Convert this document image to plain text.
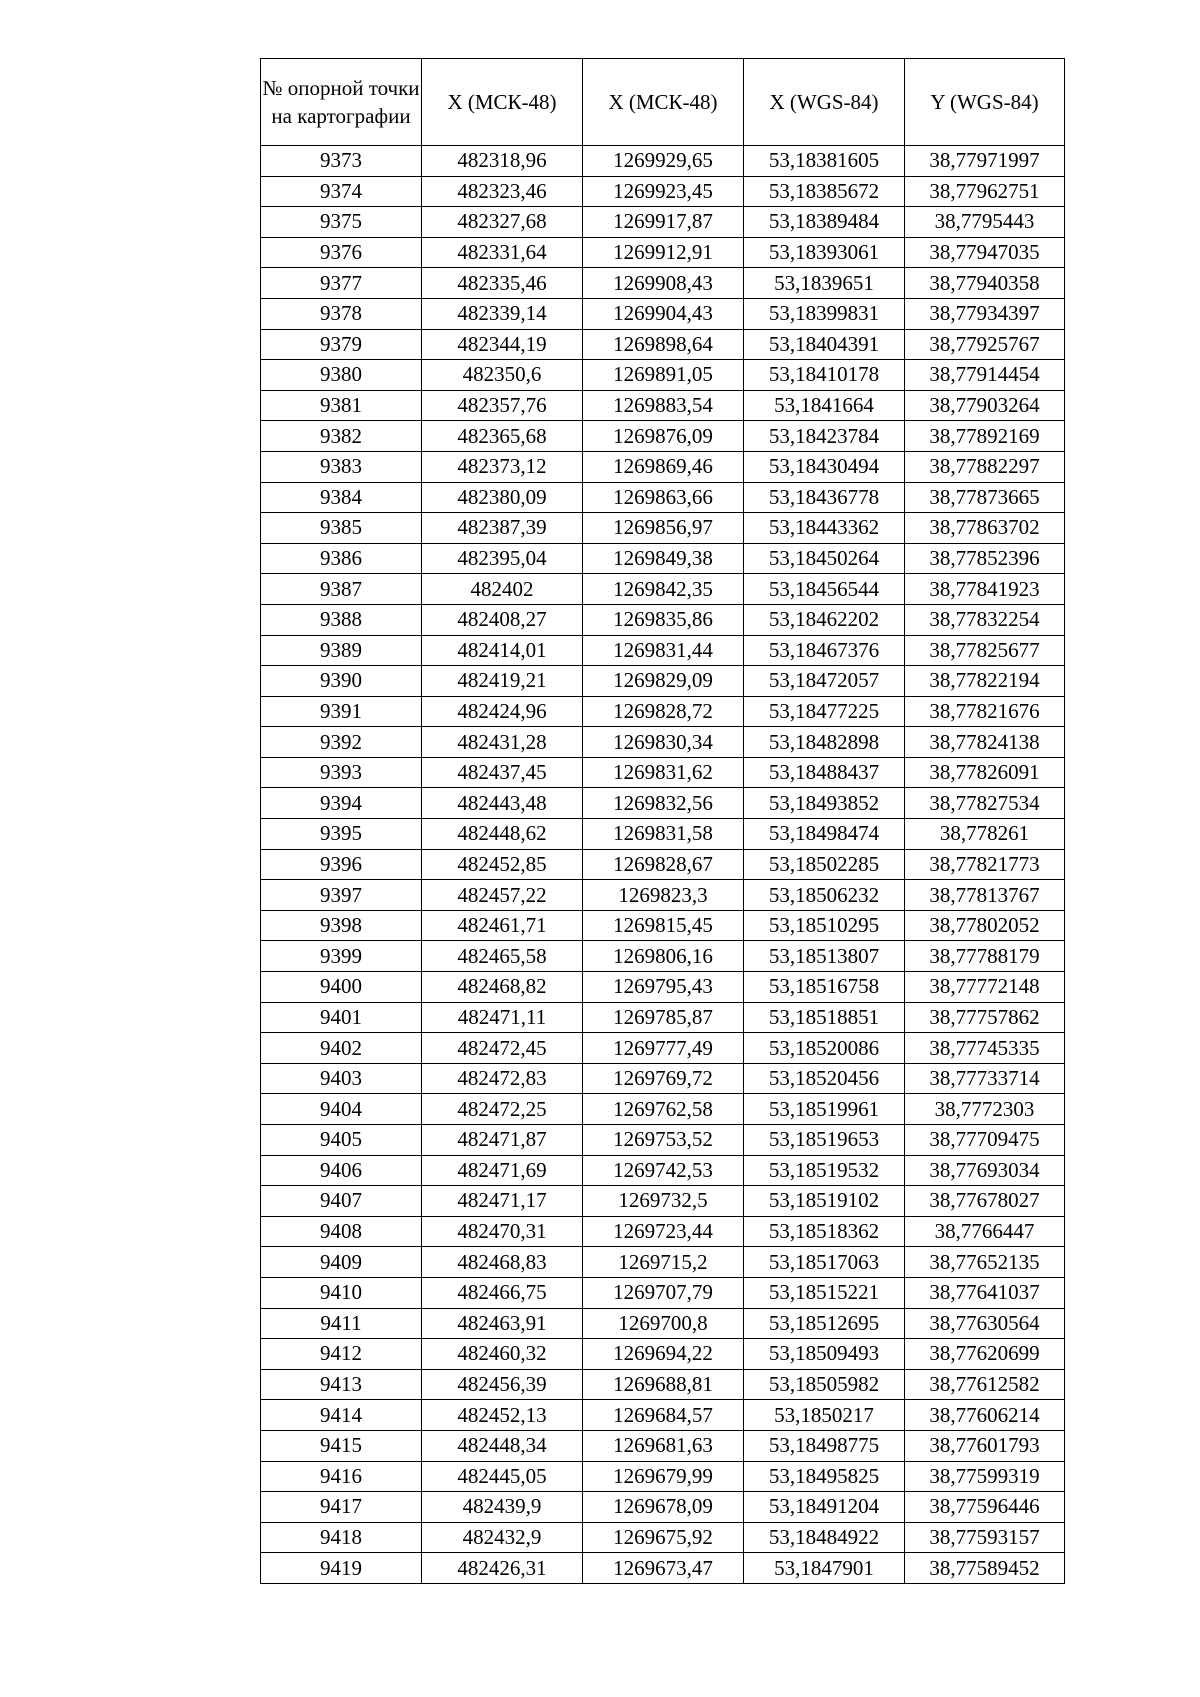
№ опорной точки на картографии	X (МСК-48)	X (МСК-48)	X (WGS-84)	Y (WGS-84)
9373	482318,96	1269929,65	53,18381605	38,77971997
9374	482323,46	1269923,45	53,18385672	38,77962751
9375	482327,68	1269917,87	53,18389484	38,7795443
9376	482331,64	1269912,91	53,18393061	38,77947035
9377	482335,46	1269908,43	53,1839651	38,77940358
9378	482339,14	1269904,43	53,18399831	38,77934397
9379	482344,19	1269898,64	53,18404391	38,77925767
9380	482350,6	1269891,05	53,18410178	38,77914454
9381	482357,76	1269883,54	53,1841664	38,77903264
9382	482365,68	1269876,09	53,18423784	38,77892169
9383	482373,12	1269869,46	53,18430494	38,77882297
9384	482380,09	1269863,66	53,18436778	38,77873665
9385	482387,39	1269856,97	53,18443362	38,77863702
9386	482395,04	1269849,38	53,18450264	38,77852396
9387	482402	1269842,35	53,18456544	38,77841923
9388	482408,27	1269835,86	53,18462202	38,77832254
9389	482414,01	1269831,44	53,18467376	38,77825677
9390	482419,21	1269829,09	53,18472057	38,77822194
9391	482424,96	1269828,72	53,18477225	38,77821676
9392	482431,28	1269830,34	53,18482898	38,77824138
9393	482437,45	1269831,62	53,18488437	38,77826091
9394	482443,48	1269832,56	53,18493852	38,77827534
9395	482448,62	1269831,58	53,18498474	38,778261
9396	482452,85	1269828,67	53,18502285	38,77821773
9397	482457,22	1269823,3	53,18506232	38,77813767
9398	482461,71	1269815,45	53,18510295	38,77802052
9399	482465,58	1269806,16	53,18513807	38,77788179
9400	482468,82	1269795,43	53,18516758	38,77772148
9401	482471,11	1269785,87	53,18518851	38,77757862
9402	482472,45	1269777,49	53,18520086	38,77745335
9403	482472,83	1269769,72	53,18520456	38,77733714
9404	482472,25	1269762,58	53,18519961	38,7772303
9405	482471,87	1269753,52	53,18519653	38,77709475
9406	482471,69	1269742,53	53,18519532	38,77693034
9407	482471,17	1269732,5	53,18519102	38,77678027
9408	482470,31	1269723,44	53,18518362	38,7766447
9409	482468,83	1269715,2	53,18517063	38,77652135
9410	482466,75	1269707,79	53,18515221	38,77641037
9411	482463,91	1269700,8	53,18512695	38,77630564
9412	482460,32	1269694,22	53,18509493	38,77620699
9413	482456,39	1269688,81	53,18505982	38,77612582
9414	482452,13	1269684,57	53,1850217	38,77606214
9415	482448,34	1269681,63	53,18498775	38,77601793
9416	482445,05	1269679,99	53,18495825	38,77599319
9417	482439,9	1269678,09	53,18491204	38,77596446
9418	482432,9	1269675,92	53,18484922	38,77593157
9419	482426,31	1269673,47	53,1847901	38,77589452
